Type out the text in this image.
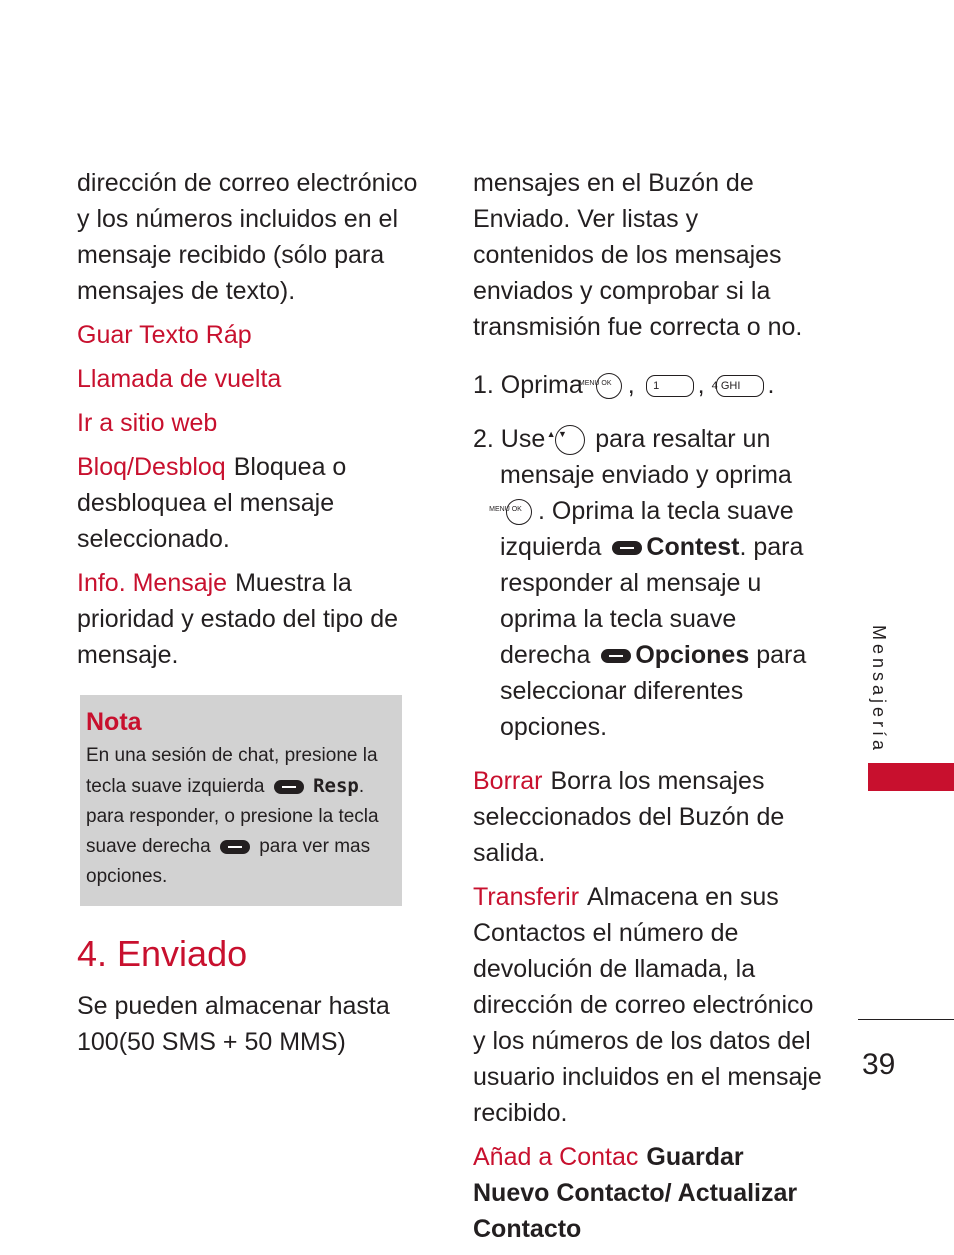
dirección de correo electrónico y los números incluidos en el mensaje recibido (sólo para mensajes de texto).

Guar Texto Ráp

Llamada de vuelta

Ir a sitio web

Bloq/Desbloq Bloquea o desbloquea el mensaje seleccionado.

Info. Mensaje Muestra la prioridad y estado del tipo de mensaje.

Nota
En una sesión de chat, presione la tecla suave izquierda	Resp. para responder, o presione la tecla suave derecha	para ver mas opciones.
4. Enviado

Se pueden almacenar hasta 100(50 SMS + 50 MMS)

mensajes en el Buzón de Enviado. Ver listas y contenidos de los mensajes enviados y comprobar si la transmisión fue correcta o no.

1. Oprima MENU OK , 1 , 4 GHI .

2. Use▲ ▼ para resaltar un mensaje enviado y oprimaMENU OK . Oprima la tecla suave izquierda Contest. para responder al mensaje u oprima la tecla suave derecha Opciones para seleccionar diferentes opciones.

Borrar Borra los mensajes seleccionados del Buzón de salida.

Transferir Almacena en sus Contactos el número de devolución de llamada, la dirección de correo electrónico y los números de los datos del usuario incluidos en el mensaje recibido.

Añad a Contac Guardar Nuevo Contacto/ Actualizar Contacto

Mensajería
39
